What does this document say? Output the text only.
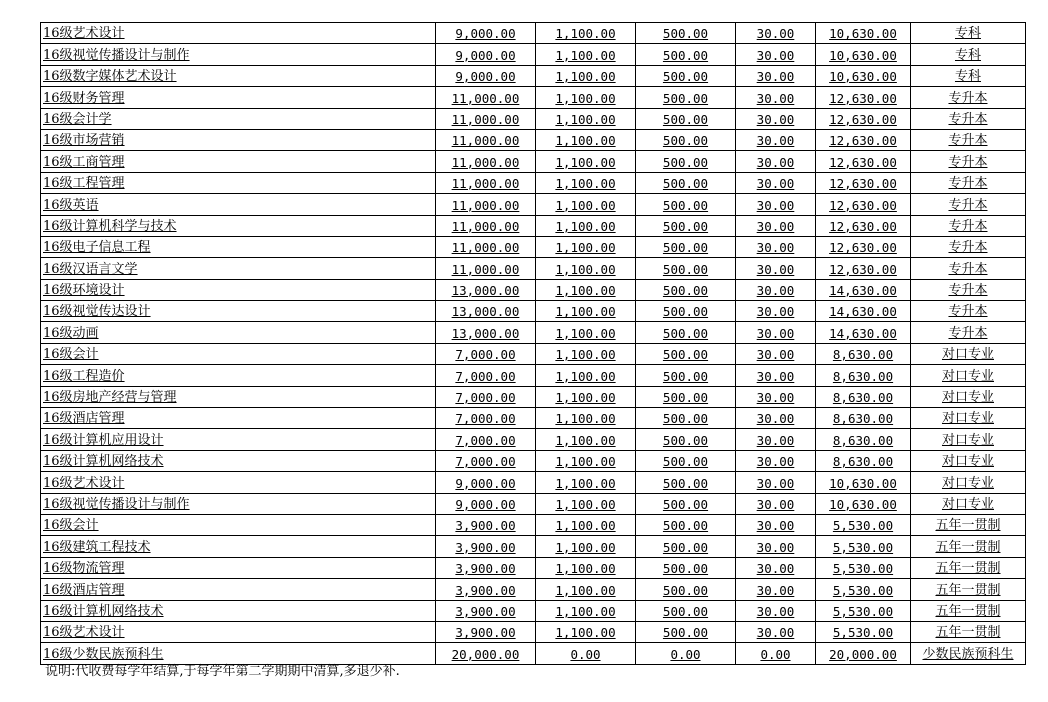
16级艺术设计	9,000.00	1,100.00	500.00	30.00	10,630.00	专科
16级视觉传播设计与制作	9,000.00	1,100.00	500.00	30.00	10,630.00	专科
16级数字媒体艺术设计	9,000.00	1,100.00	500.00	30.00	10,630.00	专科
16级财务管理	11,000.00	1,100.00	500.00	30.00	12,630.00	专升本
16级会计学	11,000.00	1,100.00	500.00	30.00	12,630.00	专升本
16级市场营销	11,000.00	1,100.00	500.00	30.00	12,630.00	专升本
16级工商管理	11,000.00	1,100.00	500.00	30.00	12,630.00	专升本
16级工程管理	11,000.00	1,100.00	500.00	30.00	12,630.00	专升本
16级英语	11,000.00	1,100.00	500.00	30.00	12,630.00	专升本
16级计算机科学与技术	11,000.00	1,100.00	500.00	30.00	12,630.00	专升本
16级电子信息工程	11,000.00	1,100.00	500.00	30.00	12,630.00	专升本
16级汉语言文学	11,000.00	1,100.00	500.00	30.00	12,630.00	专升本
16级环境设计	13,000.00	1,100.00	500.00	30.00	14,630.00	专升本
16级视觉传达设计	13,000.00	1,100.00	500.00	30.00	14,630.00	专升本
16级动画	13,000.00	1,100.00	500.00	30.00	14,630.00	专升本
16级会计	7,000.00	1,100.00	500.00	30.00	8,630.00	对口专业
16级工程造价	7,000.00	1,100.00	500.00	30.00	8,630.00	对口专业
16级房地产经营与管理	7,000.00	1,100.00	500.00	30.00	8,630.00	对口专业
16级酒店管理	7,000.00	1,100.00	500.00	30.00	8,630.00	对口专业
16级计算机应用设计	7,000.00	1,100.00	500.00	30.00	8,630.00	对口专业
16级计算机网络技术	7,000.00	1,100.00	500.00	30.00	8,630.00	对口专业
16级艺术设计	9,000.00	1,100.00	500.00	30.00	10,630.00	对口专业
16级视觉传播设计与制作	9,000.00	1,100.00	500.00	30.00	10,630.00	对口专业
16级会计	3,900.00	1,100.00	500.00	30.00	5,530.00	五年一贯制
16级建筑工程技术	3,900.00	1,100.00	500.00	30.00	5,530.00	五年一贯制
16级物流管理	3,900.00	1,100.00	500.00	30.00	5,530.00	五年一贯制
16级酒店管理	3,900.00	1,100.00	500.00	30.00	5,530.00	五年一贯制
16级计算机网络技术	3,900.00	1,100.00	500.00	30.00	5,530.00	五年一贯制
16级艺术设计	3,900.00	1,100.00	500.00	30.00	5,530.00	五年一贯制
16级少数民族预科生	20,000.00	0.00	0.00	0.00	20,000.00	少数民族预科生
说明:代收费每学年结算,于每学年第二学期期中清算,多退少补.
